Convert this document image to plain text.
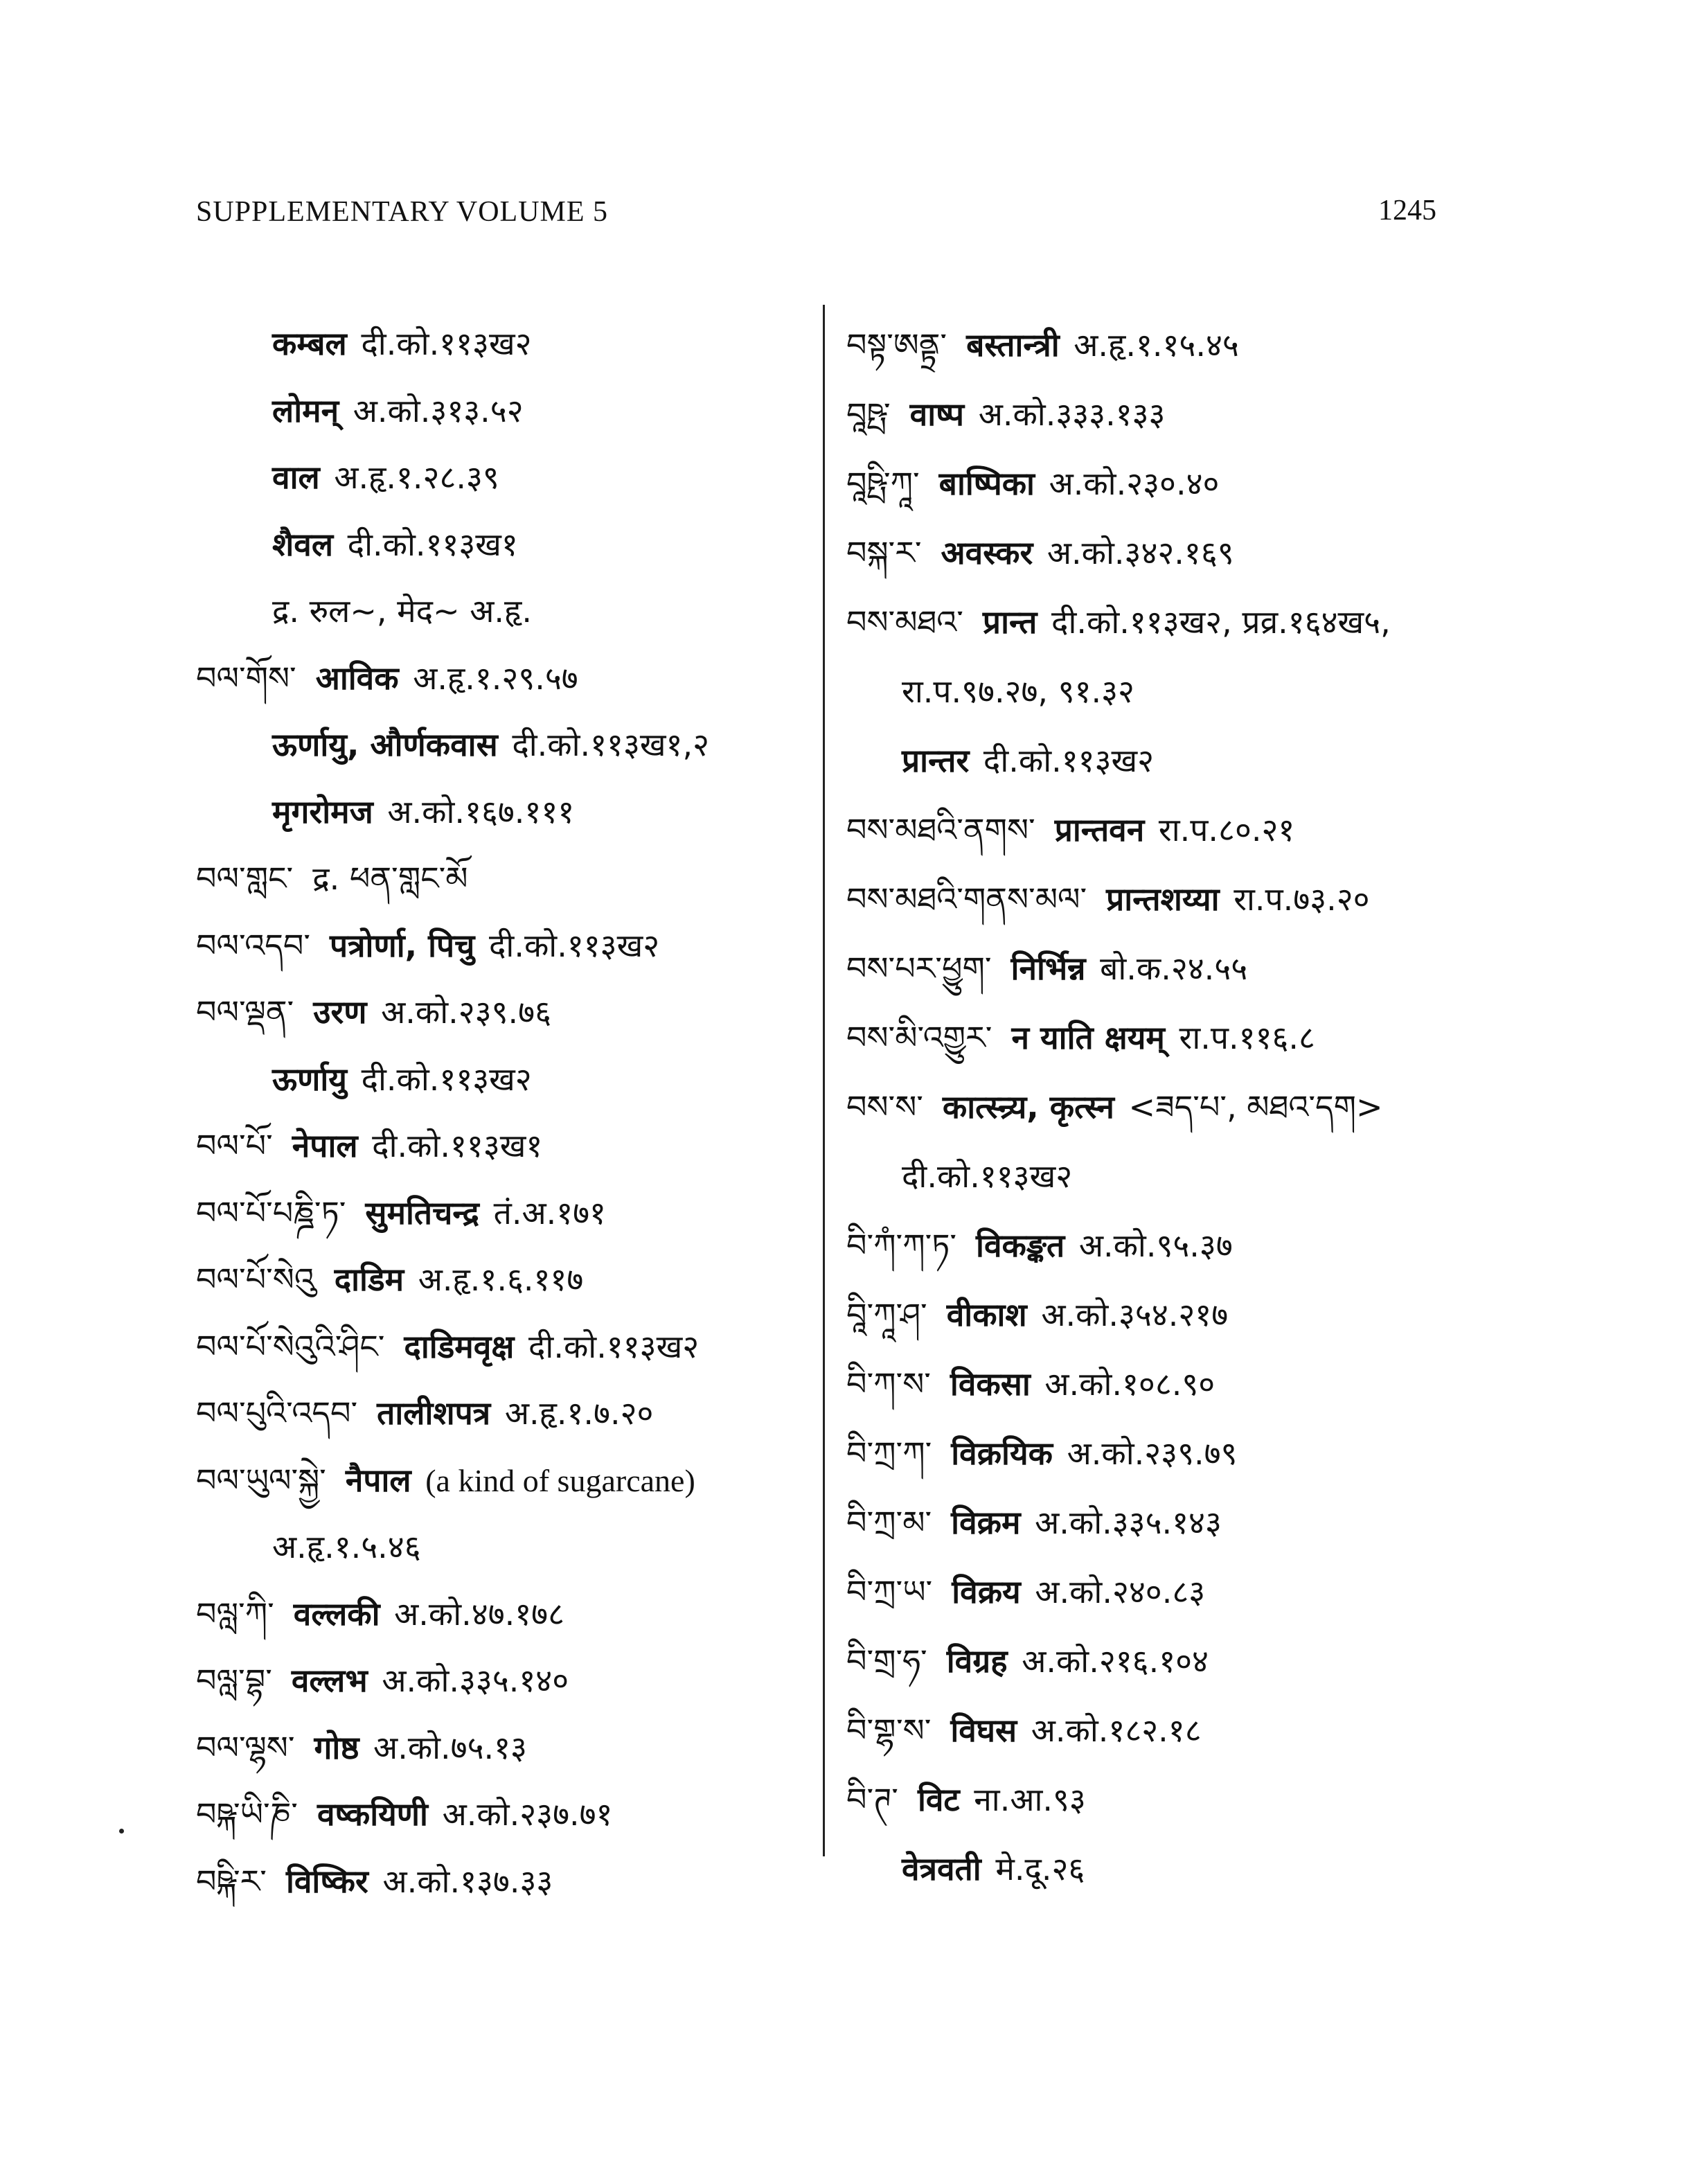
SUPPLEMENTARY VOLUME 5	1245
कम्बल दी.को.११३ख२
लोमन् अ.को.३१३.५२
वाल अ.हृ.१.२८.३९
शैवल दी.को.११३ख१
द्र. रुल~, मेद~ अ.हृ.
བལ་གོས་ आविक अ.हृ.१.२९.५७
ऊर्णायु, और्णकवास दी.को.११३ख१,२
मृगरोमज अ.को.१६७.१११
བལ་གླང་ द्र. ཕན་གླང་མོ
བལ་འདབ་ पत्रोर्णा, पिचु दी.को.११३ख२
བལ་ལྡན་ उरण अ.को.२३९.७६
ऊर्णायु दी.को.११३ख२
བལ་པོ་ नेपाल दी.को.११३ख१
བལ་པོ་པཎྜི་ཏ་ सुमतिचन्द्र तं.अ.१७१
བལ་པོ་སེའུ दाडिम अ.हृ.१.६.११७
བལ་པོ་སེའུའི་ཤིང་ दाडिमवृक्ष दी.को.११३ख२
བལ་པུའི་འདབ་ तालीशपत्र अ.हृ.१.७.२०
བལ་ཡུལ་སྐྱེ་ नैपाल (a kind of sugarcane)
अ.हृ.१.५.४६
བལླ་ཀི་ वल्लकी अ.को.४७.१७८
བལླ་བྷ་ वल्लभ अ.को.३३५.१४०
བལ་ལྷས་ गोष्ठ अ.को.७५.१३
བཥྐ་ཡི་ཎི་ वष्कयिणी अ.को.२३७.७१
བཥྐི་ར་ विष्किर अ.को.१३७.३३
བསྟ་ཨནྟྲ་ बस्तान्त्री अ.हृ.१.१५.४५
བཱཥྤ་ वाष्प अ.को.३३३.१३३
བཱཥྤི་ཀཱ་ बाष्पिका अ.को.२३०.४०
བསྐ་ར་ अवस्कर अ.को.३४२.१६९
བས་མཐའ་ प्रान्त दी.को.११३ख२, प्रव्र.१६४ख५,
रा.प.९७.२७, ९१.३२
प्रान्तर दी.को.११३ख२
བས་མཐའི་ནགས་ प्रान्तवन रा.प.८०.२१
བས་མཐའི་གནས་མལ་ प्रान्तशय्या रा.प.७३.२०
བས་པར་ཕྱུག་ निर्भिन्न बो.क.२४.५५
བས་མི་འགྱུར་ न याति क्षयम् रा.प.११६.८
བས་ས་ कात्स्न्र्य, कृत्स्न <ཟད་པ་, མཐའ་དག>
दी.को.११३ख२
བི་ཀཾ་ཀ་ཏ་ विकङ्कत अ.को.९५.३७
བཱི་ཀཱ་ཤ་ वीकाश अ.को.३५४.२१७
བི་ཀ་ས་ विकसा अ.को.१०८.९०
བི་ཀྲ་ཀ་ विक्रयिक अ.को.२३९.७९
བི་ཀྲ་མ་ विक्रम अ.को.३३५.१४३
བི་ཀྲ་ཡ་ विक्रय अ.को.२४०.८३
བི་གྲ་ཧ་ विग्रह अ.को.२१६.१०४
བི་གྷ་ས་ विघस अ.को.१८२.१८
བི་ཊ་ विट ना.आ.९३
वेत्रवती मे.दू.२६
